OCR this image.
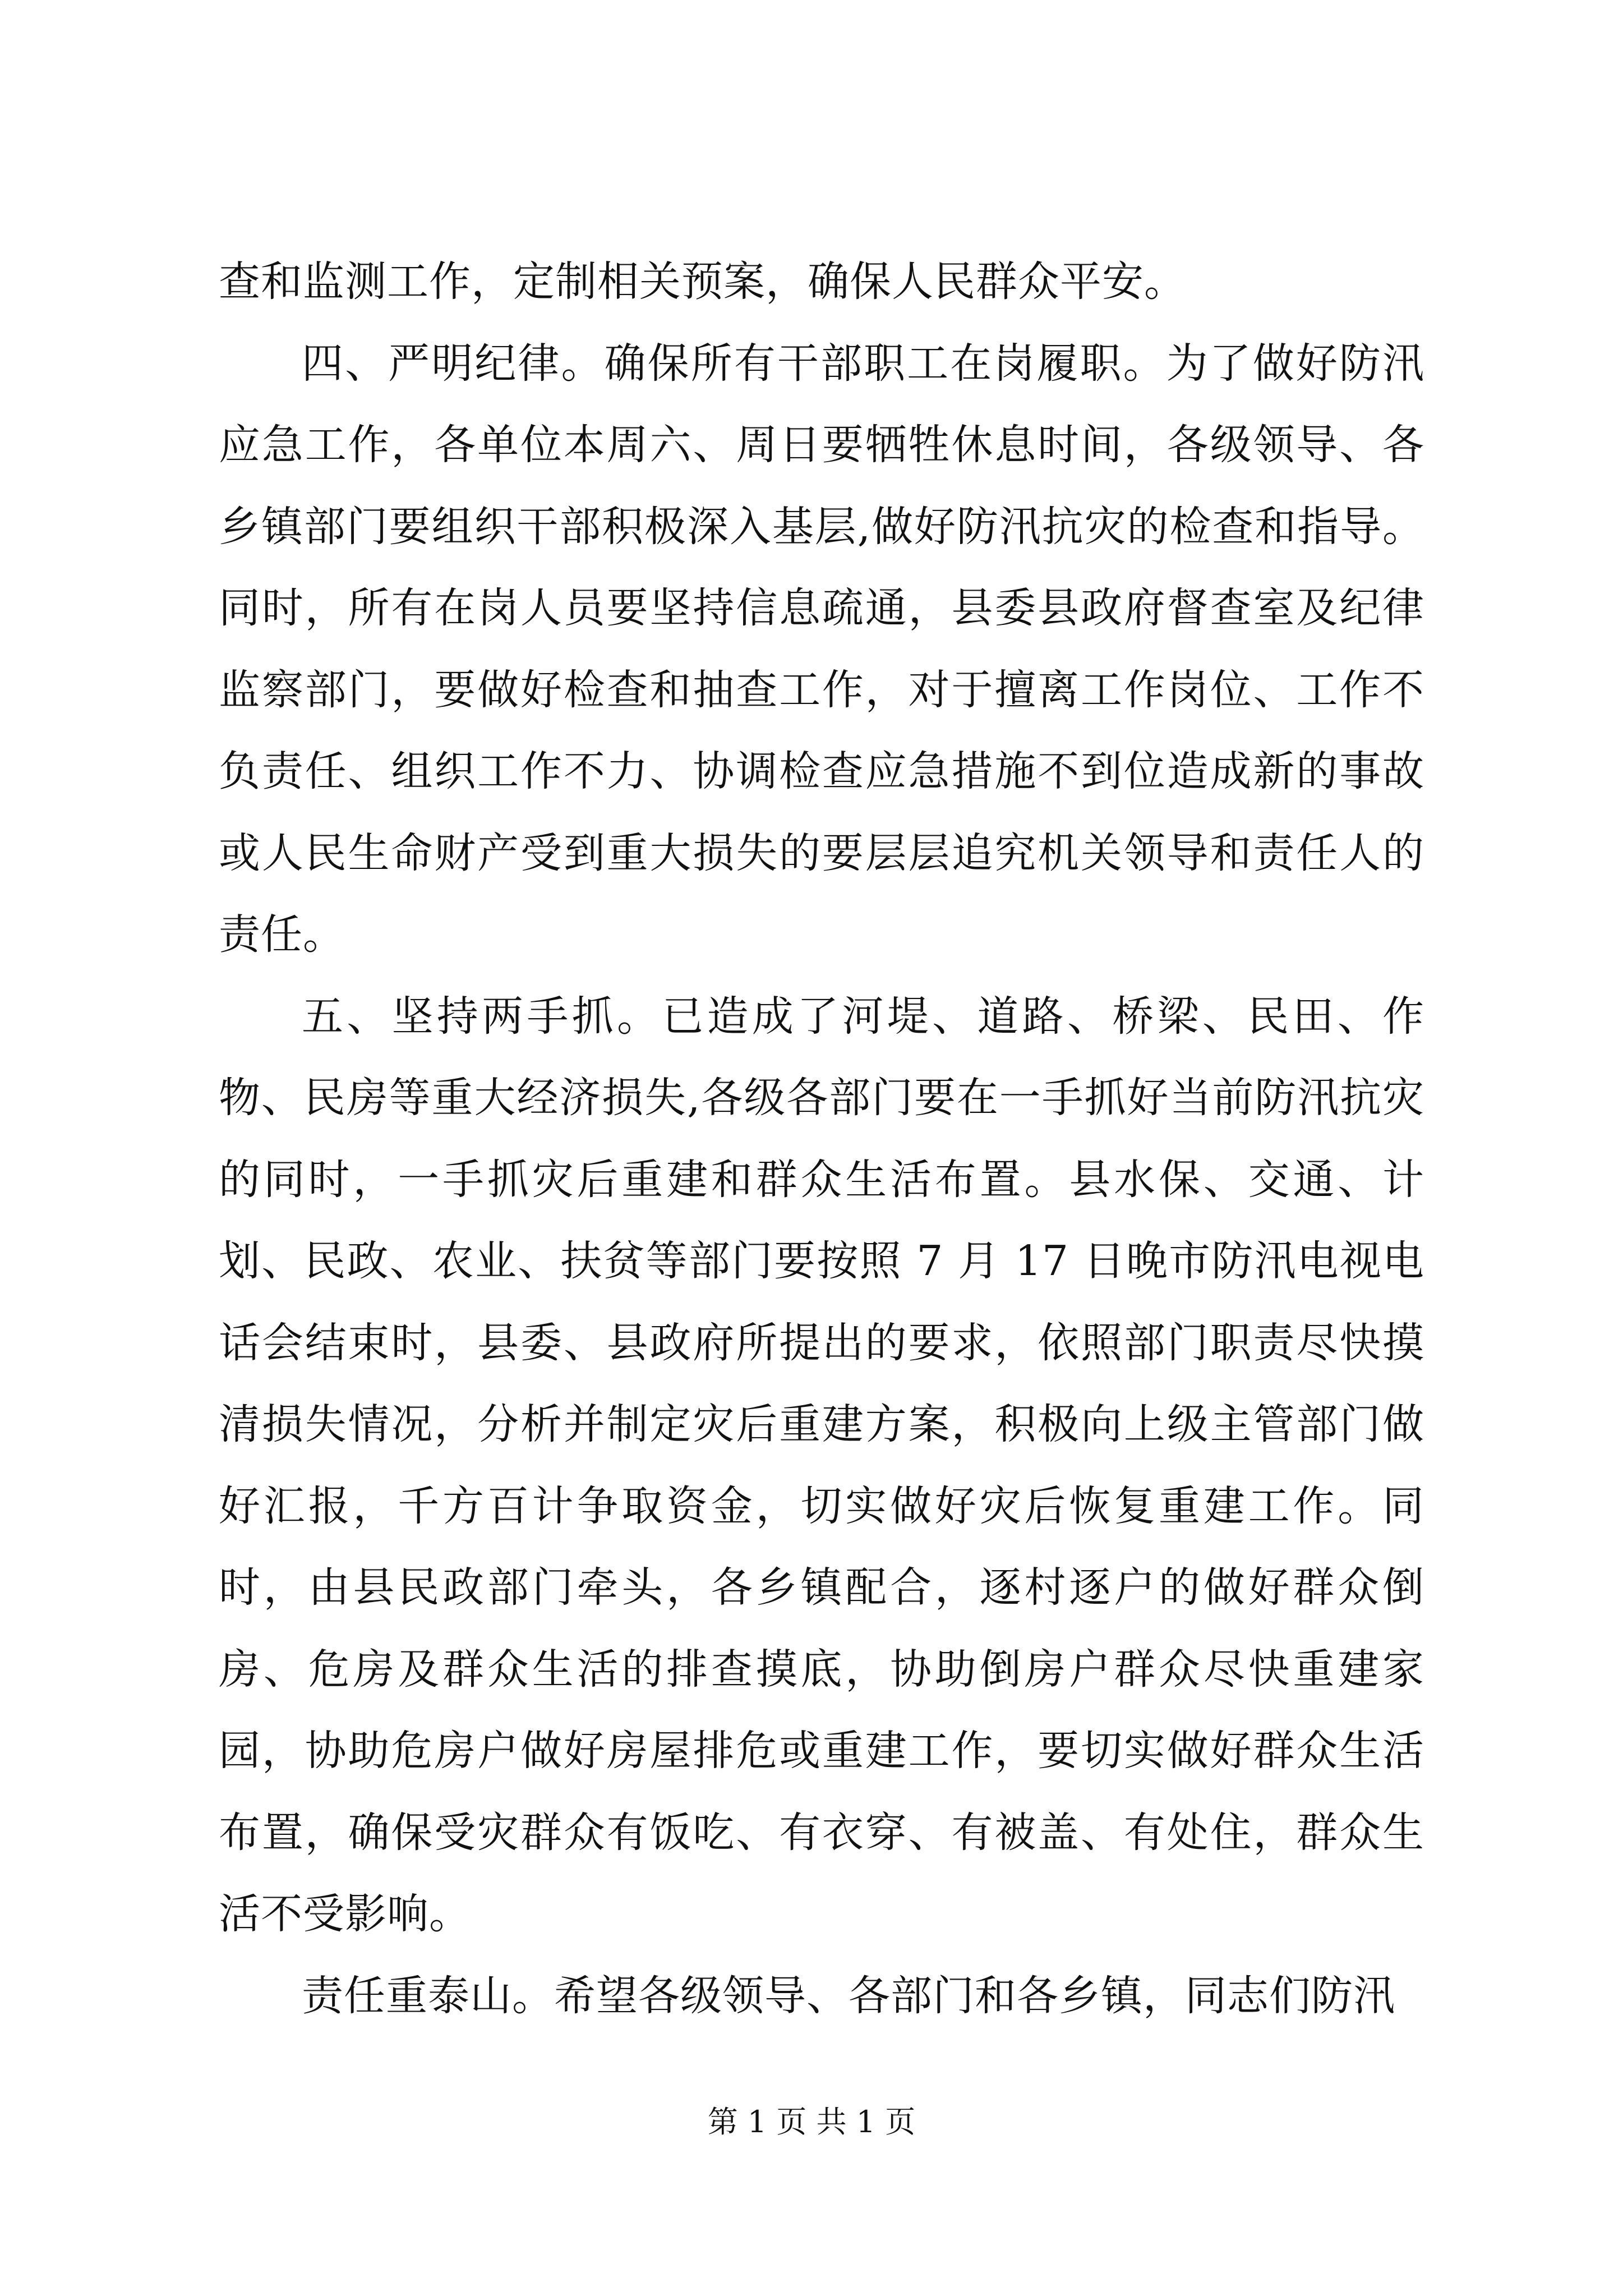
查和监测工作，定制相关预案，确保人民群众平安。

四、严明纪律。确保所有干部职工在岗履职。为了做好防汛应急工作，各单位本周六、周日要牺牲休息时间，各级领导、各乡镇部门要组织干部积极深入基层,做好防汛抗灾的检查和指导。同时，所有在岗人员要坚持信息疏通，县委县政府督查室及纪律监察部门，要做好检查和抽查工作，对于擅离工作岗位、工作不负责任、组织工作不力、协调检查应急措施不到位造成新的事故或人民生命财产受到重大损失的要层层追究机关领导和责任人的责任。

五、坚持两手抓。已造成了河堤、道路、桥梁、民田、作物、民房等重大经济损失,各级各部门要在一手抓好当前防汛抗灾的同时，一手抓灾后重建和群众生活布置。县水保、交通、计划、民政、农业、扶贫等部门要按照 7 月 17 日晚市防汛电视电话会结束时，县委、县政府所提出的要求，依照部门职责尽快摸清损失情况，分析并制定灾后重建方案，积极向上级主管部门做好汇报，千方百计争取资金，切实做好灾后恢复重建工作。同时，由县民政部门牵头，各乡镇配合，逐村逐户的做好群众倒房、危房及群众生活的排查摸底，协助倒房户群众尽快重建家园，协助危房户做好房屋排危或重建工作，要切实做好群众生活布置，确保受灾群众有饭吃、有衣穿、有被盖、有处住，群众生活不受影响。

责任重泰山。希望各级领导、各部门和各乡镇，同志们防汛

第 1 页 共 1 页
